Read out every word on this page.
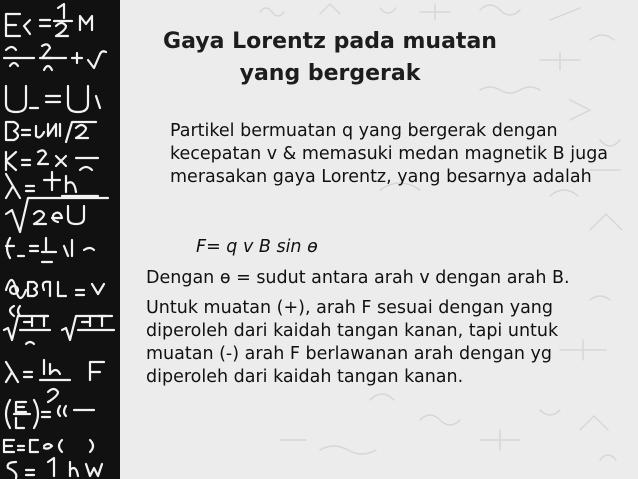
Gaya Lorentz pada muatan
yang bergerak
Partikel bermuatan q yang bergerak dengan kecepatan v & memasuki medan magnetik B juga merasakan gaya Lorentz, yang besarnya adalah
F= q v B sin ɵ
Dengan ɵ = sudut antara arah v dengan arah B.
Untuk muatan (+), arah F sesuai dengan yang diperoleh dari kaidah tangan kanan, tapi untuk muatan (-) arah F berlawanan arah dengan yg diperoleh dari kaidah tangan kanan.
